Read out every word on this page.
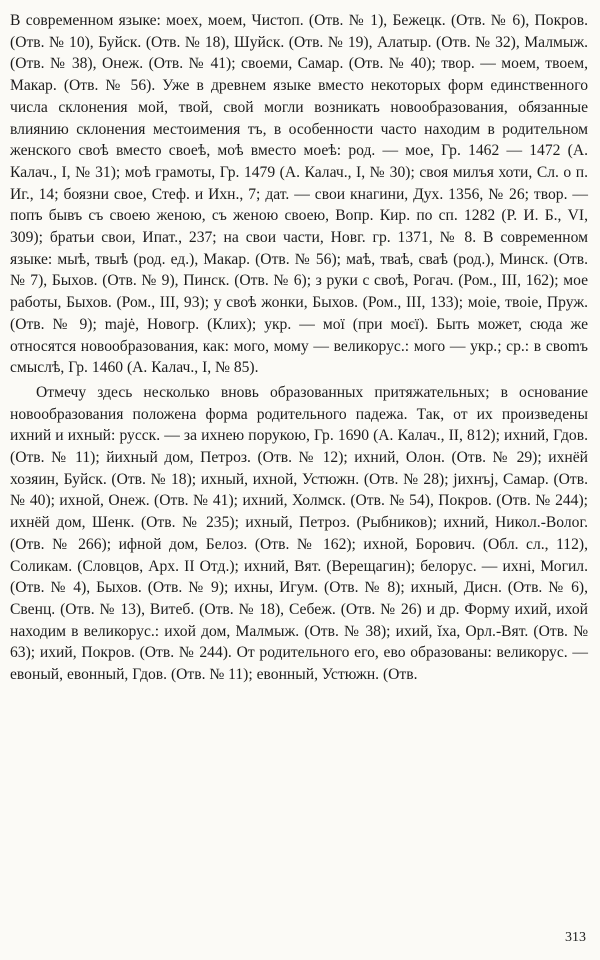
В современном языке: моех, моем, Чистоп. (Отв. № 1), Бежецк. (Отв. № 6), Покров. (Отв. № 10), Буйск. (Отв. № 18), Шуйск. (Отв. № 19), Алатыр. (Отв. № 32), Малмыж. (Отв. № 38), Онеж. (Отв. № 41); своеми, Самар. (Отв. № 40); твор. — моем, твоем, Макар. (Отв. № 56). Уже в древнем языке вместо некоторых форм единственного числа склонения мой, твой, свой могли возникать новообразования, обязанные влиянию склонения местоимения тъ, в особенности часто находим в родительном женского своѣ вместо своеѣ, моѣ вместо моеѣ: род. — мое, Гр. 1462 — 1472 (А. Калач., I, № 31); моѣ грамоты, Гр. 1479 (А. Калач., I, № 30); своя милъя хоти, Сл. о п. Иг., 14; боязни свое, Стеф. и Ихн., 7; дат. — свои кнагини, Дух. 1356, № 26; твор. — попъ бывъ съ своею женою, съ женою своею, Вопр. Кир. по сп. 1282 (Р. И. Б., VI, 309); братьи свои, Ипат., 237; на свои части, Новг. гр. 1371, № 8. В современном языке: мыѣ, твыѣ (род. ед.), Макар. (Отв. № 56); маѣ, тваѣ, сваѣ (род.), Минск. (Отв. № 7), Быхов. (Отв. № 9), Пинск. (Отв. № 6); з руки с своѣ, Рогач. (Ром., III, 162); мое работы, Быхов. (Ром., III, 93); у своѣ жонки, Быхов. (Ром., III, 133); моiе, твоiе, Пруж. (Отв. № 9); mаjė, Новогр. (Клих); укр. — моï (при моєï). Быть может, сюда же относятся новообразования, как: мого, мому — великорус.: мого — укр.; ср.: в своmъ смыслѣ, Гр. 1460 (А. Калач., I, № 85).

Отмечу здесь несколько вновь образованных притяжательных; в основание новообразования положена форма родительного падежа. Так, от их произведены ихний и ихный: русск. — за ихнею порукою, Гр. 1690 (А. Калач., II, 812); ихний, Гдов. (Отв. № 11); йихный дом, Петроз. (Отв. № 12); ихний, Олон. (Отв. № 29); ихнёй хозяин, Буйск. (Отв. № 18); ихный, ихной, Устюжн. (Отв. № 28); jихнъj, Самар. (Отв. № 40); ихной, Онеж. (Отв. № 41); ихний, Холмск. (Отв. № 54), Покров. (Отв. № 244); ихнёй дом, Шенк. (Отв. № 235); ихный, Петроз. (Рыбников); ихний, Никол.-Волог. (Отв. № 266); ифной дом, Белоз. (Отв. № 162); ихной, Борович. (Обл. сл., 112), Соликам. (Словцов, Арх. II Отд.); ихний, Вят. (Верещагин); белорус. — ихнi, Могил. (Отв. № 4), Быхов. (Отв. № 9); ихны, Игум. (Отв. № 8); ихный, Дисн. (Отв. № 6), Свенц. (Отв. № 13), Витеб. (Отв. № 18), Себеж. (Отв. № 26) и др. Форму ихий, ихой находим в великорус.: ихой дом, Малмыж. (Отв. № 38); ихий, ǐха, Орл.-Вят. (Отв. № 63); ихий, Покров. (Отв. № 244). От родительного его, ево образованы: великорус. — евоный, евонный, Гдов. (Отв. № 11); евонный, Устюжн. (Отв.

313
